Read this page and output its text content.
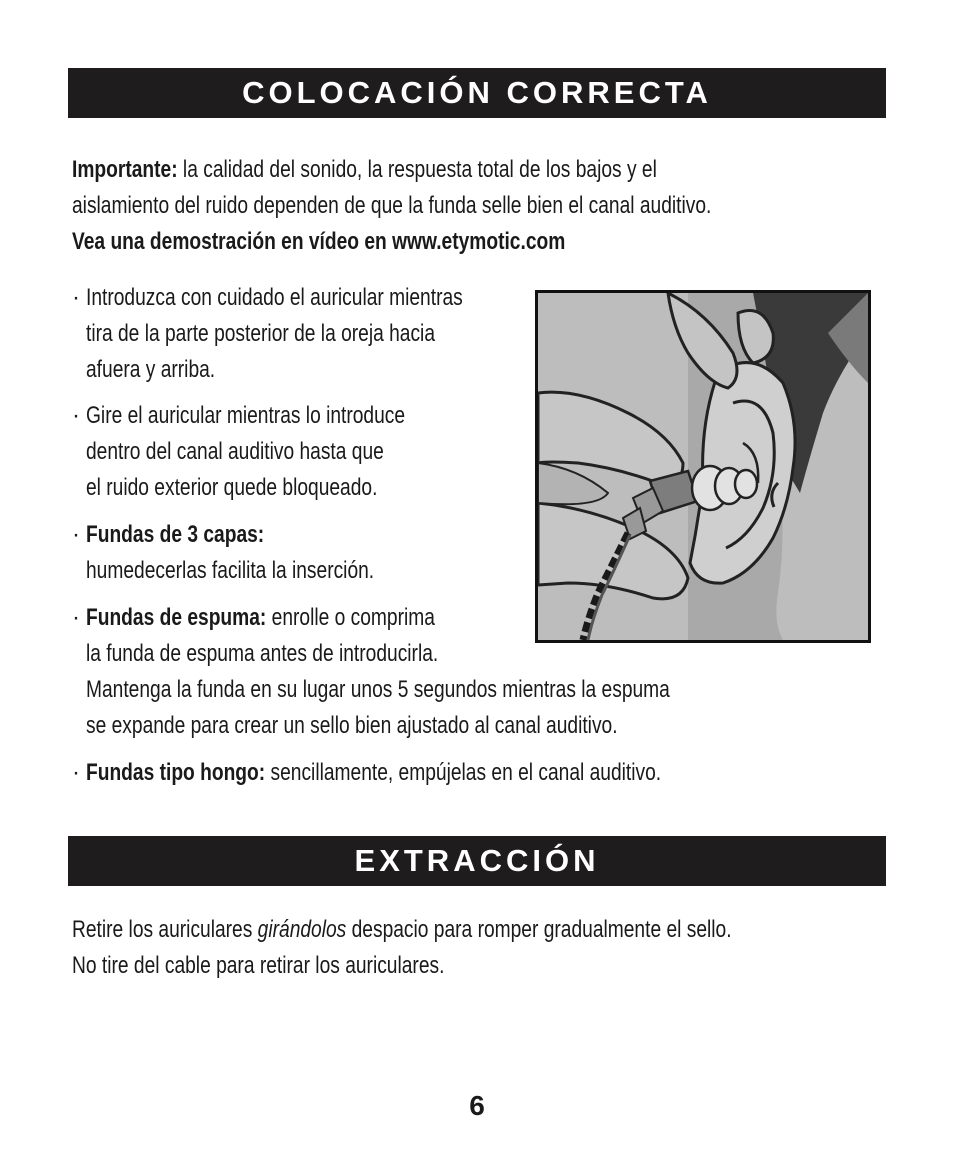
COLOCACIÓN CORRECTA
Importante: la calidad del sonido, la respuesta total de los bajos y el
aislamiento del ruido dependen de que la funda selle bien el canal auditivo.
Vea una demostración en vídeo en www.etymotic.com
· Introduzca con cuidado el auricular mientras
tira de la parte posterior de la oreja hacia
afuera y arriba.
· Gire el auricular mientras lo introduce
dentro del canal auditivo hasta que
el ruido exterior quede bloqueado.
· Fundas de 3 capas:
humedecerlas facilita la inserción.
· Fundas de espuma: enrolle o comprima
la funda de espuma antes de introducirla.
Mantenga la funda en su lugar unos 5 segundos mientras la espuma
se expande para crear un sello bien ajustado al canal auditivo.
· Fundas tipo hongo: sencillamente, empújelas en el canal auditivo.
EXTRACCIÓN
Retire los auriculares girándolos despacio para romper gradualmente el sello.
No tire del cable para retirar los auriculares.
6
